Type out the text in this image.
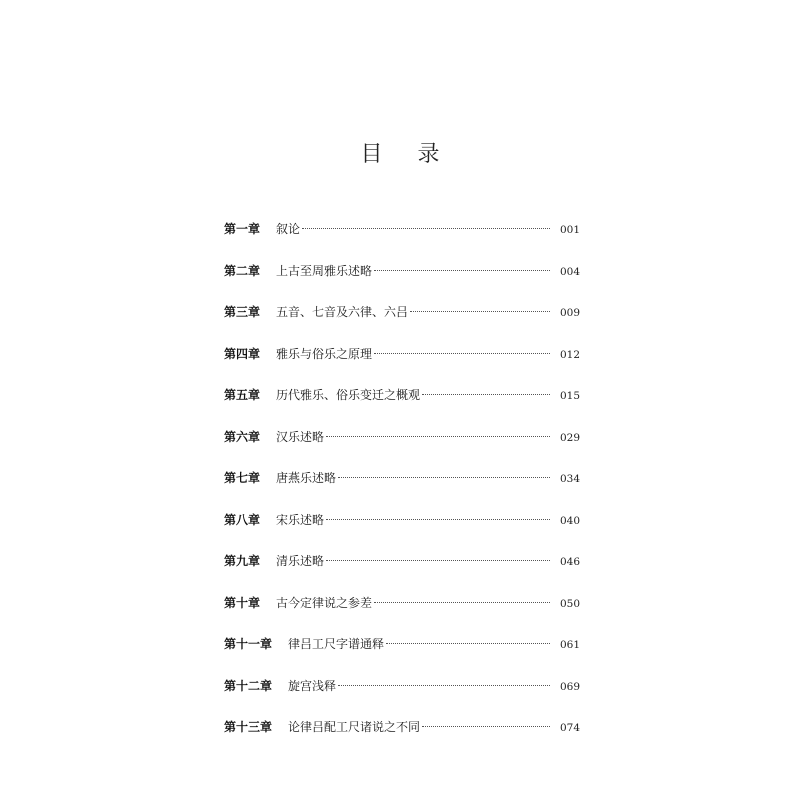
目 录
第一章 叙论	001
第二章 上古至周雅乐述略	004
第三章 五音、七音及六律、六吕	009
第四章 雅乐与俗乐之原理	012
第五章 历代雅乐、俗乐变迁之概观	015
第六章 汉乐述略	029
第七章 唐燕乐述略	034
第八章 宋乐述略	040
第九章 清乐述略	046
第十章 古今定律说之参差	050
第十一章 律吕工尺字谱通释	061
第十二章 旋宫浅释	069
第十三章 论律吕配工尺诸说之不同	074
